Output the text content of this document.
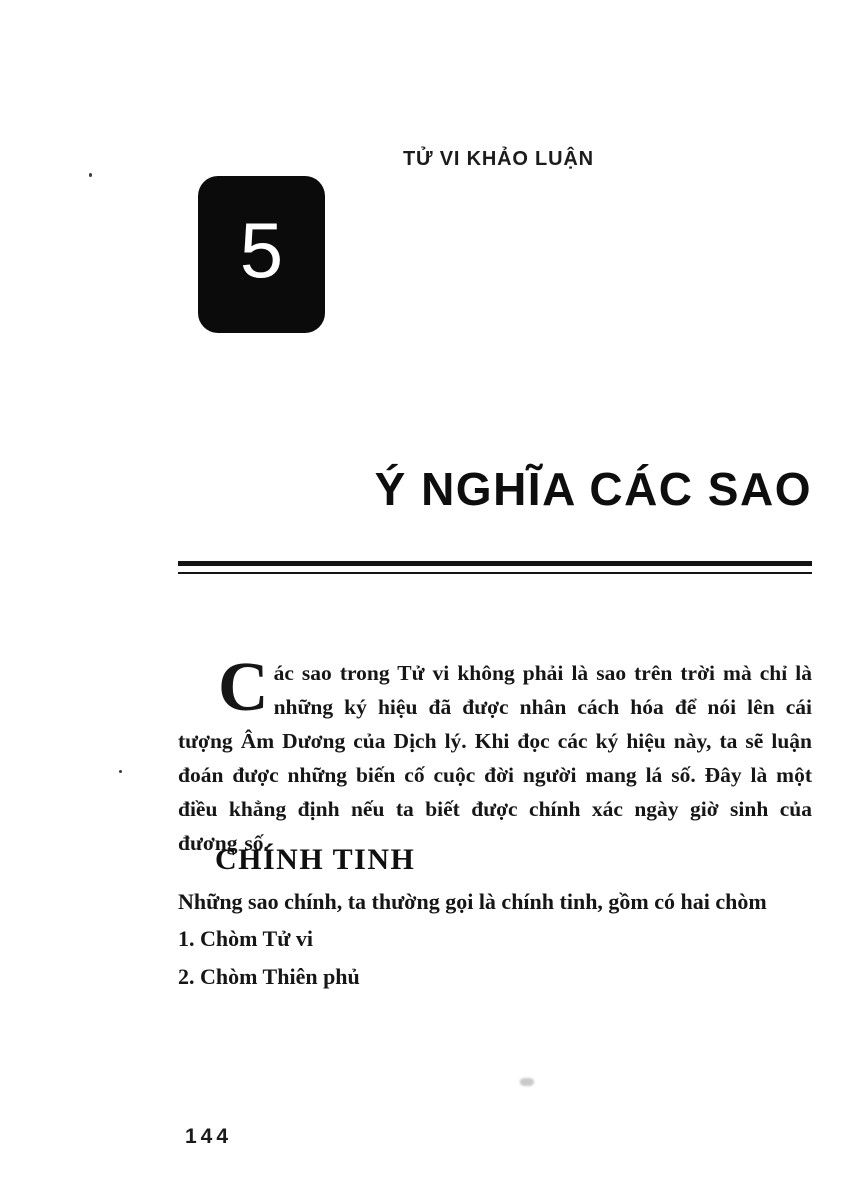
TỬ VI KHẢO LUẬN
5
Ý NGHĨA CÁC SAO

Các sao trong Tử vi không phải là sao trên trời mà chỉ là những ký hiệu đã được nhân cách hóa để nói lên cái tượng Âm Dương của Dịch lý. Khi đọc các ký hiệu này, ta sẽ luận đoán được những biến cố cuộc đời người mang lá số. Đây là một điều khẳng định nếu ta biết được chính xác ngày giờ sinh của đương số.

CHÍNH TINH
Những sao chính, ta thường gọi là chính tinh, gồm có hai chòm
1. Chòm Tử vi
2. Chòm Thiên phủ
144
